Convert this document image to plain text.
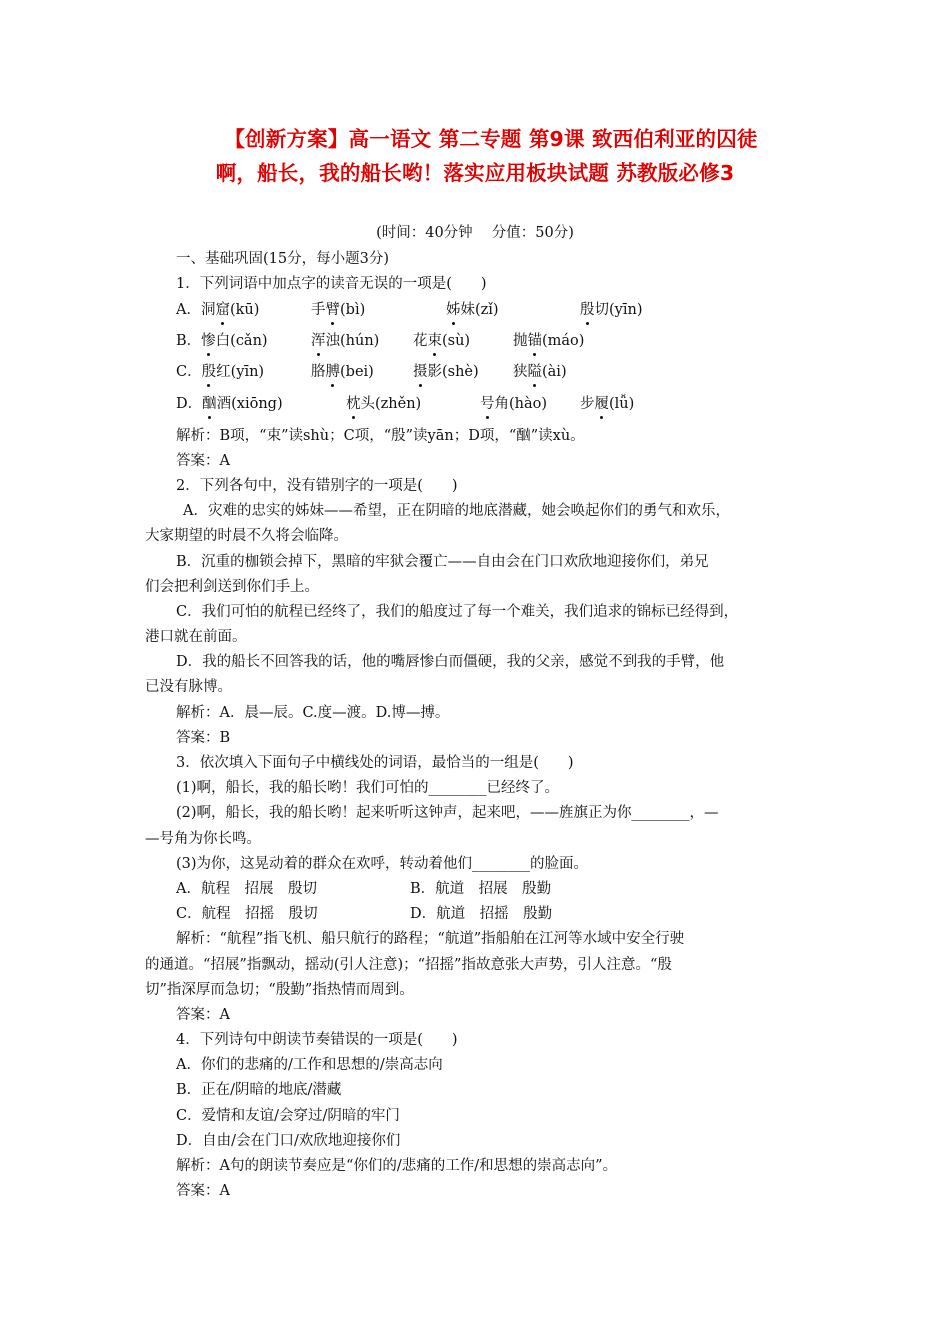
【创新方案】高一语文 第二专题 第9课 致西伯利亚的囚徒
啊，船长，我的船长哟！落实应用板块试题 苏教版必修3
(时间：40分钟　 分值：50分)
一、基础巩固(15分，每小题3分)
1．下列词语中加点字的读音无误的一项是(　　)
A．洞窟(kū)	手臂(bì)	姊妹(zǐ)	殷切(yīn)
B．惨白(cǎn)	浑浊(hún) 花束(sù)	抛锚(máo)
C．殷红(yīn)	胳膊(bei)	摄影(shè) 狭隘(ài)
D．酗酒(xiōng)	枕头(zhěn)	号角(hào) 步履(lǚ)
解析：B项，“束”读shù；C项，“殷”读yān；D项，“酗”读xù。
答案：A
2．下列各句中，没有错别字的一项是(　　)
A．灾难的忠实的姊妹——希望，正在阴暗的地底潜藏，她会唤起你们的勇气和欢乐，
大家期望的时晨不久将会临降。
B．沉重的枷锁会掉下，黑暗的牢狱会覆亡——自由会在门口欢欣地迎接你们，弟兄
们会把利剑送到你们手上。
C．我们可怕的航程已经终了，我们的船度过了每一个难关，我们追求的锦标已经得到，
港口就在前面。
D．我的船长不回答我的话，他的嘴唇惨白而僵硬，我的父亲，感觉不到我的手臂，他
已没有脉博。
解析：A．晨—辰。C.度—渡。D.博—搏。
答案：B
3．依次填入下面句子中横线处的词语，最恰当的一组是(　　)
(1)啊，船长，我的船长哟！我们可怕的________已经终了。
(2)啊，船长，我的船长哟！起来听听这钟声，起来吧，——旌旗正为你________，—
—号角为你长鸣。
(3)为你，这晃动着的群众在欢呼，转动着他们________的脸面。
A．航程　招展　殷切	B．航道　招展　殷勤
C．航程　招摇　殷切	D．航道　招摇　殷勤
解析：“航程”指飞机、船只航行的路程；“航道”指船舶在江河等水域中安全行驶
的通道。“招展”指飘动，摇动(引人注意)；“招摇”指故意张大声势，引人注意。“殷
切”指深厚而急切；“殷勤”指热情而周到。
答案：A
4．下列诗句中朗读节奏错误的一项是(　　)
A．你们的悲痛的/工作和思想的/崇高志向
B．正在/阴暗的地底/潜藏
C．爱情和友谊/会穿过/阴暗的牢门
D．自由/会在门口/欢欣地迎接你们
解析：A句的朗读节奏应是“你们的/悲痛的工作/和思想的崇高志向”。
答案：A
